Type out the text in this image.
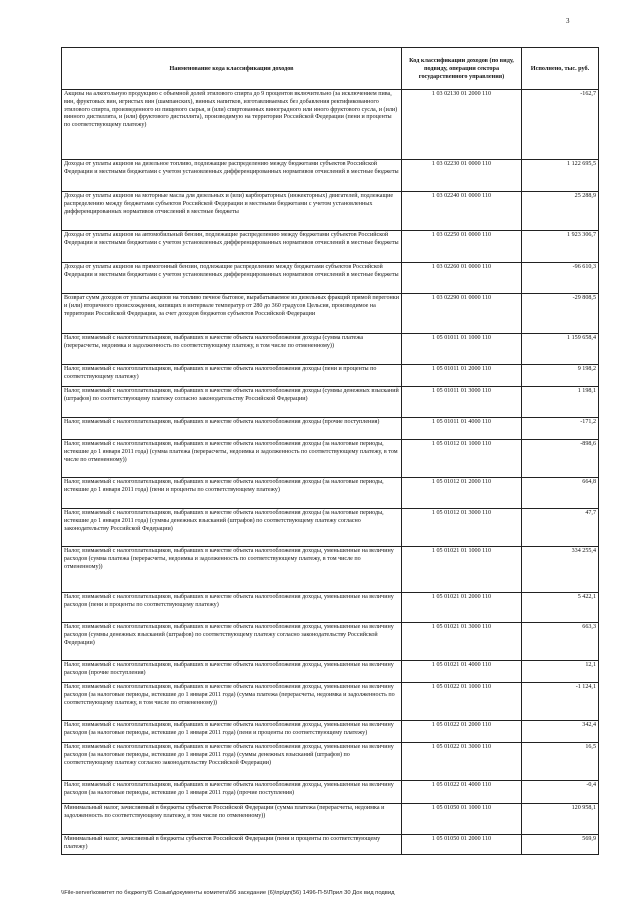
3
Наименование кода классификации доходов	Код классификации доходов (по виду, подвиду, операции сектора государственного управления)	Исполнено, тыс. руб.
Акцизы на алкогольную продукцию с объемной долей этилового спирта до 9 процентов включительно (за исключением пива, вин, фруктовых вин, игристых вин (шампанских), винных напитков, изготавливаемых без добавления ректификованного этилового спирта, произведенного из пищевого сырья, и (или) спиртованных виноградного или иного фруктового сусла, и (или) винного дистиллята, и (или) фруктового дистиллята), производимую на территории Российской Федерации (пени и проценты по соответствующему платежу)	1 03 02130 01 2000 110	-162,7
Доходы от уплаты акцизов на дизельное топливо, подлежащие распределению между бюджетами субъектов Российской Федерации и местными бюджетами с учетом установленных дифференцированных нормативов отчислений в местные бюджеты	1 03 02230 01 0000 110	1 122 695,5
Доходы от уплаты акцизов на моторные масла для дизельных и (или) карбюраторных (инжекторных) двигателей, подлежащие распределению между бюджетами субъектов Российской Федерации и местными бюджетами с учетом установленных дифференцированных нормативов отчислений в местные бюджеты	1 03 02240 01 0000 110	25 288,9
Доходы от уплаты акцизов на автомобильный бензин, подлежащие распределению между бюджетами субъектов Российской Федерации и местными бюджетами с учетом установленных дифференцированных нормативов отчислений в местные бюджеты	1 03 02250 01 0000 110	1 923 306,7
Доходы от уплаты акцизов на прямогонный бензин, подлежащие распределению между бюджетами субъектов Российской Федерации и местными бюджетами с учетом установленных дифференцированных нормативов отчислений в местные бюджеты	1 03 02260 01 0000 110	-96 610,3
Возврат сумм доходов от уплаты акцизов на топливо печное бытовое, вырабатываемое из дизельных фракций прямой перегонки и (или) вторичного происхождения, кипящих в интервале температур от 280 до 360 градусов Цельсия, производимое на территории Российской Федерации, за счет доходов бюджетов субъектов Российской Федерации	1 03 02290 01 0000 110	-29 808,5
Налог, взимаемый с налогоплательщиков, выбравших в качестве объекта налогообложения доходы (сумма платежа (перерасчеты, недоимка и задолженность по соответствующему платежу, в том числе по отмененному))	1 05 01011 01 1000 110	1 159 658,4
Налог, взимаемый с налогоплательщиков, выбравших в качестве объекта налогообложения доходы (пени и проценты по соответствующему платежу)	1 05 01011 01 2000 110	9 198,2
Налог, взимаемый с налогоплательщиков, выбравших в качестве объекта налогообложения доходы (суммы денежных взысканий (штрафов) по соответствующему платежу согласно законодательству Российской Федерации)	1 05 01011 01 3000 110	1 198,1
Налог, взимаемый с налогоплательщиков, выбравших в качестве объекта налогообложения доходы (прочие поступления)	1 05 01011 01 4000 110	-171,2
Налог, взимаемый с налогоплательщиков, выбравших в качестве объекта налогообложения доходы (за налоговые периоды, истекшие до 1 января 2011 года) (сумма платежа (перерасчеты, недоимка и задолженность по соответствующему платежу, в том числе по отмененному))	1 05 01012 01 1000 110	-898,6
Налог, взимаемый с налогоплательщиков, выбравших в качестве объекта налогообложения доходы (за налоговые периоды, истекшие до 1 января 2011 года) (пени и проценты по соответствующему платежу)	1 05 01012 01 2000 110	664,8
Налог, взимаемый с налогоплательщиков, выбравших в качестве объекта налогообложения доходы (за налоговые периоды, истекшие до 1 января 2011 года) (суммы денежных взысканий (штрафов) по соответствующему платежу согласно законодательству Российской Федерации)	1 05 01012 01 3000 110	47,7
Налог, взимаемый с налогоплательщиков, выбравших в качестве объекта налогообложения доходы, уменьшенные на величину расходов (сумма платежа (перерасчеты, недоимка и задолженность по соответствующему платежу, в том числе по отмененному))	1 05 01021 01 1000 110	334 255,4
Налог, взимаемый с налогоплательщиков, выбравших в качестве объекта налогообложения доходы, уменьшенные на величину расходов (пени и проценты по соответствующему платежу)	1 05 01021 01 2000 110	5 422,1
Налог, взимаемый с налогоплательщиков, выбравших в качестве объекта налогообложения доходы, уменьшенные на величину расходов (суммы денежных взысканий (штрафов) по соответствующему платежу согласно законодательству Российской Федерации)	1 05 01021 01 3000 110	663,3
Налог, взимаемый с налогоплательщиков, выбравших в качестве объекта налогообложения доходы, уменьшенные на величину расходов (прочие поступления)	1 05 01021 01 4000 110	12,1
Налог, взимаемый с налогоплательщиков, выбравших в качестве объекта налогообложения доходы, уменьшенные на величину расходов (за налоговые периоды, истекшие до 1 января 2011 года) (сумма платежа (перерасчеты, недоимка и задолженность по соответствующему платежу, в том числе по отмененному))	1 05 01022 01 1000 110	-1 124,1
Налог, взимаемый с налогоплательщиков, выбравших в качестве объекта налогообложения доходы, уменьшенные на величину расходов (за налоговые периоды, истекшие до 1 января 2011 года) (пени и проценты по соответствующему платежу)	1 05 01022 01 2000 110	342,4
Налог, взимаемый с налогоплательщиков, выбравших в качестве объекта налогообложения доходы, уменьшенные на величину расходов (за налоговые периоды, истекшие до 1 января 2011 года) (суммы денежных взысканий (штрафов) по соответствующему платежу согласно законодательству Российской Федерации)	1 05 01022 01 3000 110	16,5
Налог, взимаемый с налогоплательщиков, выбравших в качестве объекта налогообложения доходы, уменьшенные на величину расходов (за налоговые периоды, истекшие до 1 января 2011 года) (прочие поступления)	1 05 01022 01 4000 110	-0,4
Минимальный налог, зачисляемый в бюджеты субъектов Российской Федерации (сумма платежа (перерасчеты, недоимка и задолженность по соответствующему платежу, в том числе по отмененному))	1 05 01050 01 1000 110	120 958,1
Минимальный налог, зачисляемый в бюджеты субъектов Российской Федерации (пени и проценты по соответствующему платежу)	1 05 01050 01 2000 110	569,9
\\File-server\комитет по бюджету\5 Созыв\документы комитета\56 заседание (6)\пр\дп(56) 1496-П-5\Прил 30 Дох вид подвид
